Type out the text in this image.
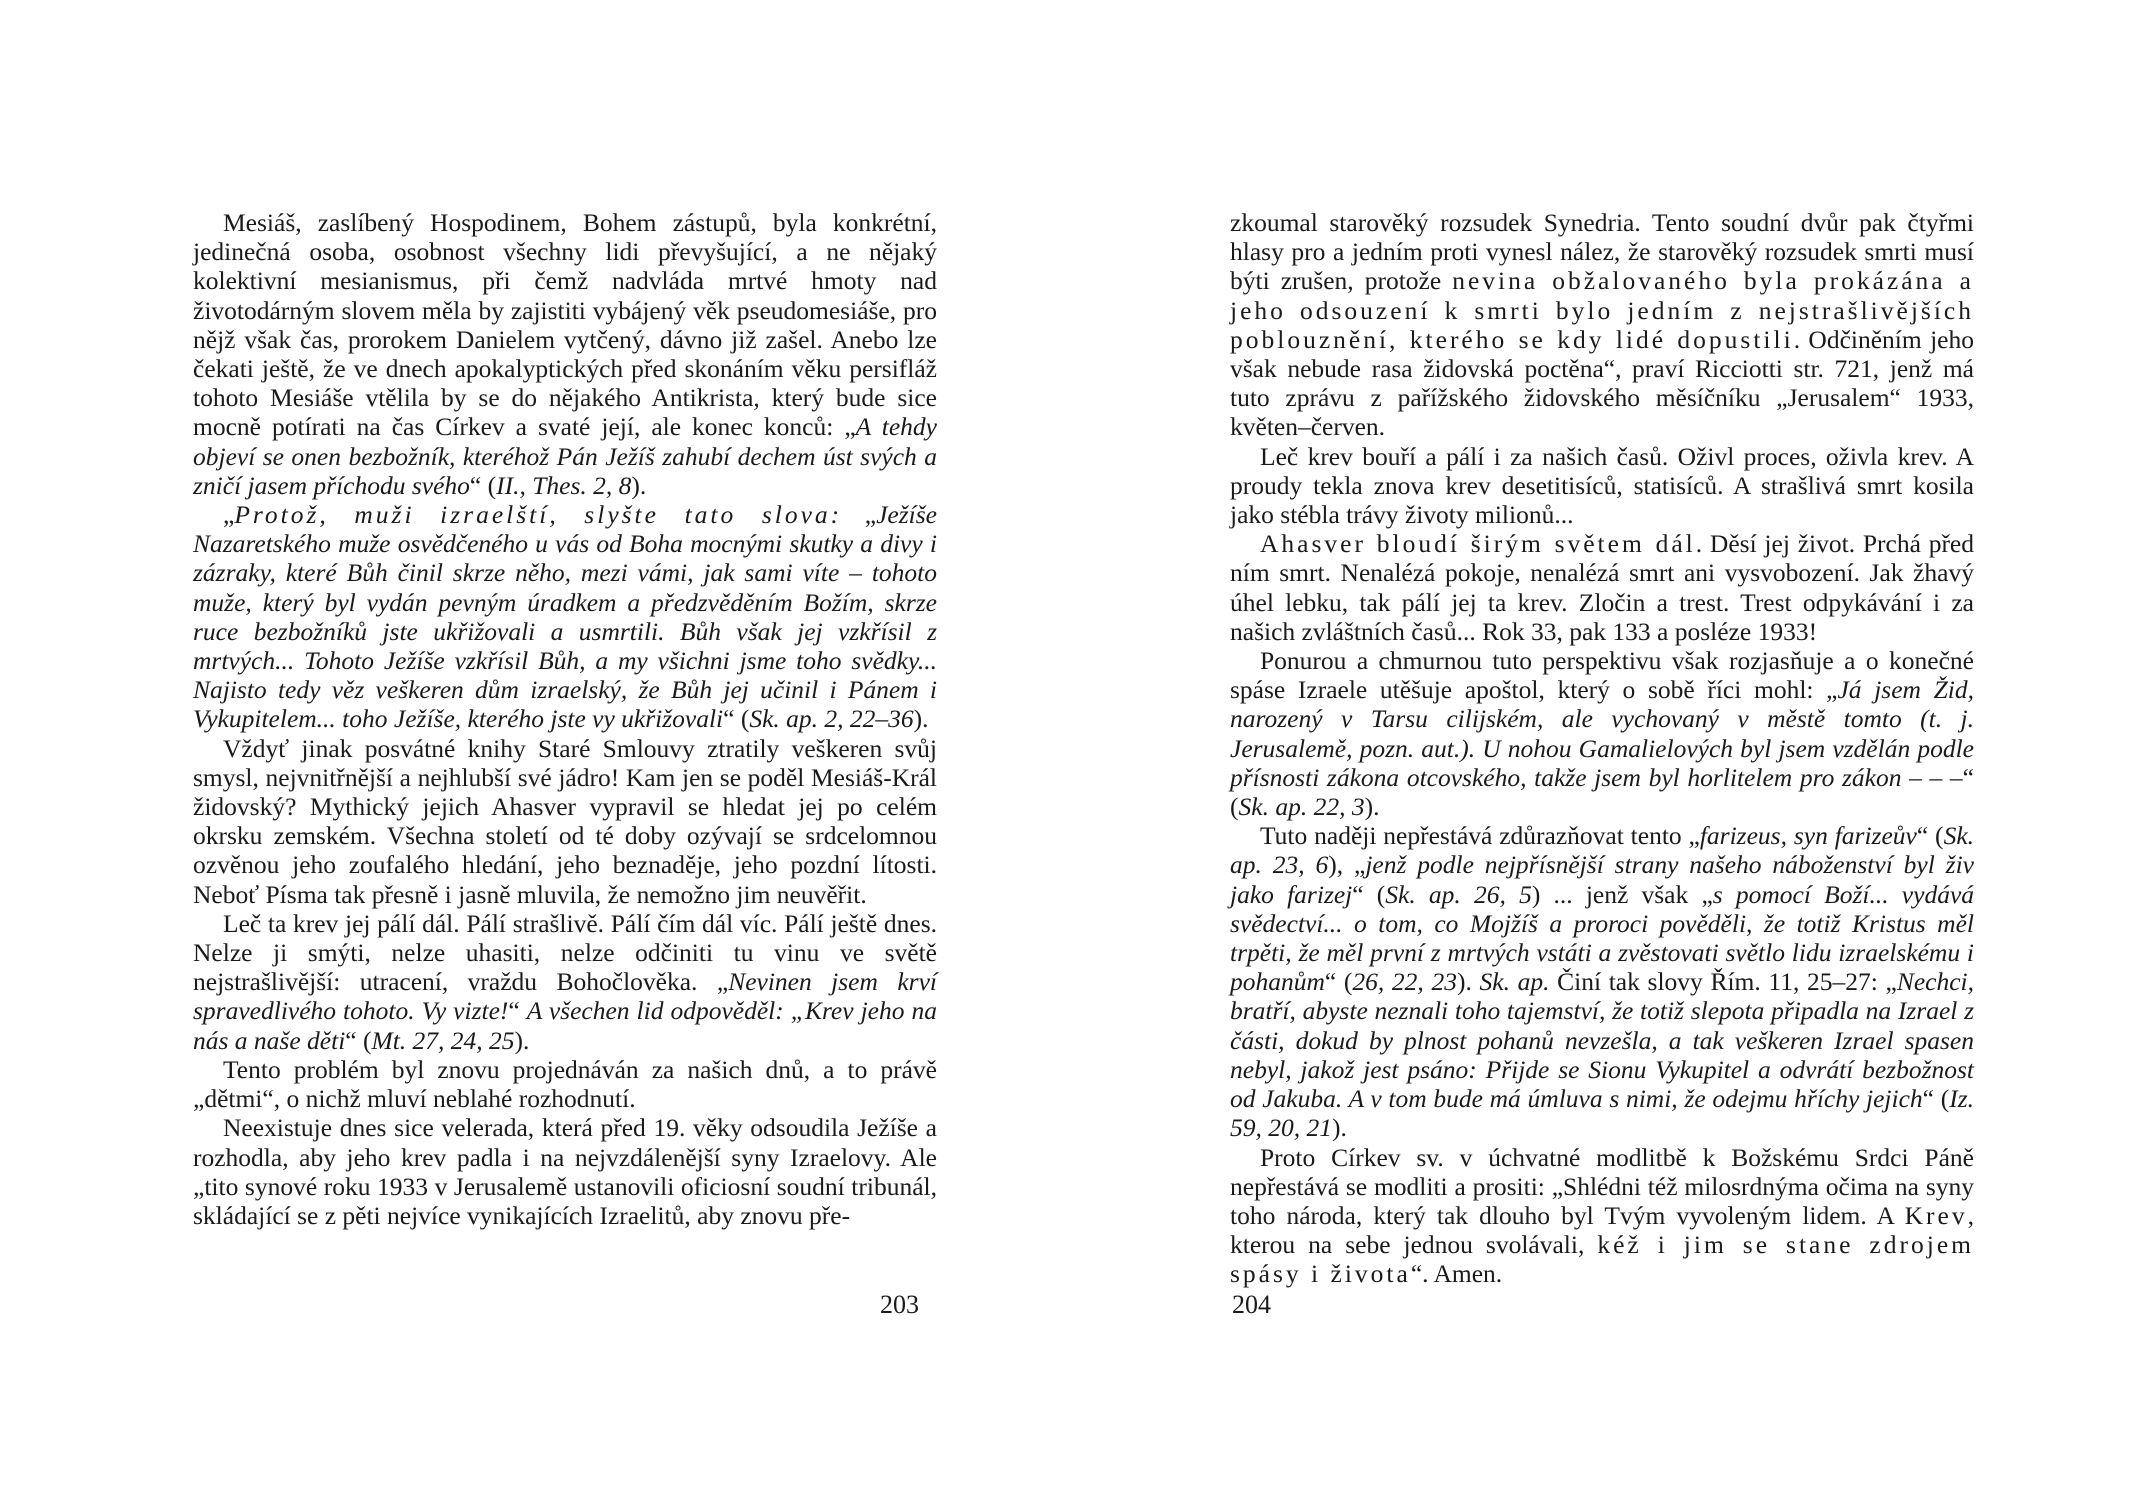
Mesiáš, zaslíbený Hospodinem, Bohem zástupů, byla konkrétní, jedinečná osoba, osobnost všechny lidi převyšující, a ne nějaký kolektivní mesianismus, při čemž nadvláda mrtvé hmoty nad životodárným slovem měla by zajistiti vybájený věk pseudomesiáše, pro nějž však čas, prorokem Danielem vytčený, dávno již zašel. Anebo lze čekati ještě, že ve dnech apokalyptických před skonáním věku persifláž tohoto Mesiáše vtělila by se do nějakého Antikrista, který bude sice mocně potírati na čas Církev a svaté její, ale konec konců: „A tehdy objeví se onen bezbožník, kteréhož Pán Ježíš zahubí dechem úst svých a zničí jasem příchodu svého“ (II., Thes. 2, 8).

„Protož, muži izraelští, slyšte tato slova: „Ježíše Nazaretského muže osvědčeného u vás od Boha mocnými skutky a divy i zázraky, které Bůh činil skrze něho, mezi vámi, jak sami víte – tohoto muže, který byl vydán pevným úradkem a předzvěděním Božím, skrze ruce bezbožníků jste ukřižovali a usmrtili. Bůh však jej vzkřísil z mrtvých... Tohoto Ježíše vzkřísil Bůh, a my všichni jsme toho svědky... Najisto tedy věz veškeren dům izraelský, že Bůh jej učinil i Pánem i Vykupitelem... toho Ježíše, kterého jste vy ukřižovali“ (Sk. ap. 2, 22–36).

Vždyť jinak posvátné knihy Staré Smlouvy ztratily veškeren svůj smysl, nejvnitřnější a nejhlubší své jádro! Kam jen se poděl Mesiáš-Král židovský? Mythický jejich Ahasver vypravil se hledat jej po celém okrsku zemském. Všechna století od té doby ozývají se srdcelomnou ozvěnou jeho zoufalého hledání, jeho beznaděje, jeho pozdní lítosti. Neboť Písma tak přesně i jasně mluvila, že nemožno jim neuvěřit.

Leč ta krev jej pálí dál. Pálí strašlivě. Pálí čím dál víc. Pálí ještě dnes. Nelze ji smýti, nelze uhasiti, nelze odčiniti tu vinu ve světě nejstrašlivější: utracení, vraždu Bohočlověka. „Nevinen jsem krví spravedlivého tohoto. Vy vizte!“ A všechen lid odpověděl: „Krev jeho na nás a naše děti“ (Mt. 27, 24, 25).

Tento problém byl znovu projednáván za našich dnů, a to právě „dětmi“, o nichž mluví neblahé rozhodnutí.

Neexistuje dnes sice velerada, která před 19. věky odsoudila Ježíše a rozhodla, aby jeho krev padla i na nejvzdálenější syny Izraelovy. Ale „tito synové roku 1933 v Jerusalemě ustanovili oficiosní soudní tribunál, skládající se z pěti nejvíce vynikajících Izraelitů, aby znovu pře-

203

zkoumal starověký rozsudek Synedria. Tento soudní dvůr pak čtyřmi hlasy pro a jedním proti vynesl nález, že starověký rozsudek smrti musí býti zrušen, protože nevina obžalovaného byla prokázána a jeho odsouzení k smrti bylo jedním z nejstrašlivějších poblouznění, kterého se kdy lidé dopustili. Odčiněním jeho však nebude rasa židovská poctěna“, praví Ricciotti str. 721, jenž má tuto zprávu z pařížského židovského měsíčníku „Jerusalem“ 1933, květen–červen.

Leč krev bouří a pálí i za našich časů. Oživl proces, oživla krev. A proudy tekla znova krev desetitisíců, statisíců. A strašlivá smrt kosila jako stébla trávy životy milionů...

Ahasver bloudí širým světem dál. Děsí jej život. Prchá před ním smrt. Nenalézá pokoje, nenalézá smrt ani vysvobození. Jak žhavý úhel lebku, tak pálí jej ta krev. Zločin a trest. Trest odpykávání i za našich zvláštních časů... Rok 33, pak 133 a posléze 1933!

Ponurou a chmurnou tuto perspektivu však rozjasňuje a o konečné spáse Izraele utěšuje apoštol, který o sobě říci mohl: „Já jsem Žid, narozený v Tarsu cilijském, ale vychovaný v městě tomto (t. j. Jerusalemě, pozn. aut.). U nohou Gamalielových byl jsem vzdělán podle přísnosti zákona otcovského, takže jsem byl horlitelem pro zákon – – –“ (Sk. ap. 22, 3).

Tuto naději nepřestává zdůrazňovat tento „farizeus, syn farizeův“ (Sk. ap. 23, 6), „jenž podle nejpřísnější strany našeho náboženství byl živ jako farizej“ (Sk. ap. 26, 5) ... jenž však „s pomocí Boží... vydává svědectví... o tom, co Mojžíš a proroci pověděli, že totiž Kristus měl trpěti, že měl první z mrtvých vstáti a zvěstovati světlo lidu izraelskému i pohanům“ (26, 22, 23). Sk. ap. Činí tak slovy Řím. 11, 25–27: „Nechci, bratří, abyste neznali toho tajemství, že totiž slepota připadla na Izrael z části, dokud by plnost pohanů nevzešla, a tak veškeren Izrael spasen nebyl, jakož jest psáno: Přijde se Sionu Vykupitel a odvrátí bezbožnost od Jakuba. A v tom bude má úmluva s nimi, že odejmu hříchy jejich“ (Iz. 59, 20, 21).

Proto Církev sv. v úchvatné modlitbě k Božskému Srdci Páně nepřestává se modliti a prositi: „Shlédni též milosrdnýma očima na syny toho národa, který tak dlouho byl Tvým vyvoleným lidem. A Krev, kterou na sebe jednou svolávali, kéž i jim se stane zdrojem spásy i života“. Amen.

204
